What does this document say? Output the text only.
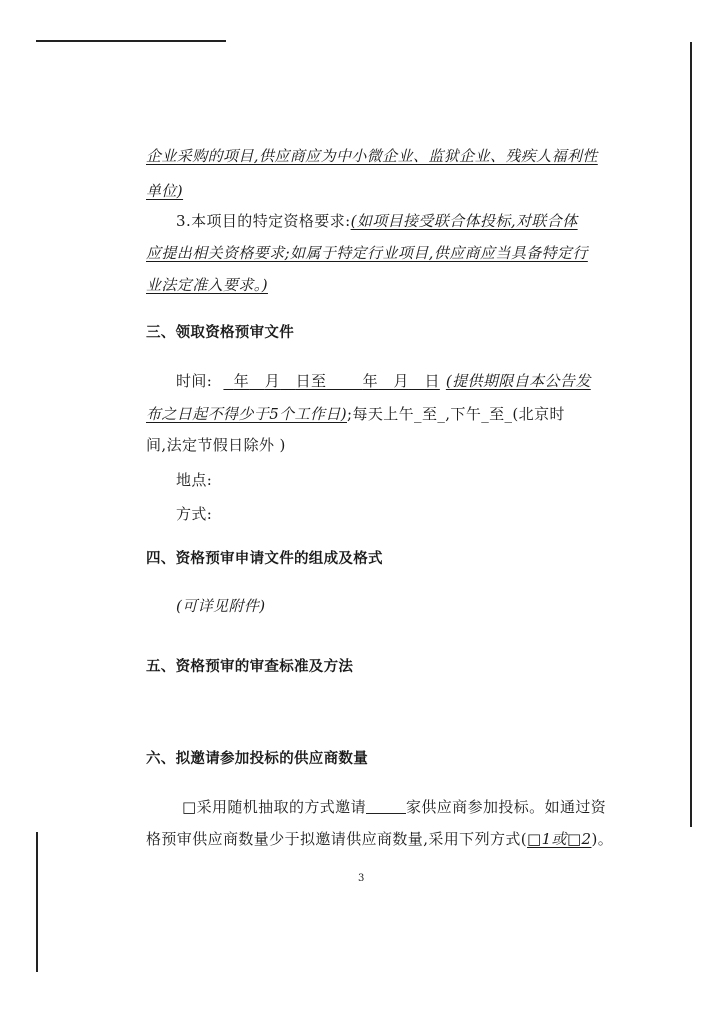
企业采购的项目,供应商应为中小微企业、监狱企业、残疾人福利性
单位)
3.本项目的特定资格要求:(如项目接受联合体投标,对联合体
应提出相关资格要求;如属于特定行业项目,供应商应当具备特定行
业法定准入要求。)
三、领取资格预审文件
时间: 年 月 日至 年 月 日 (提供期限自本公告发
布之日起不得少于5个工作日);每天上午_至_,下午_至_(北京时
间,法定节假日除外 )
地点:
方式:
四、资格预审申请文件的组成及格式
(可详见附件)
五、资格预审的审查标准及方法
六、拟邀请参加投标的供应商数量
□采用随机抽取的方式邀请	家供应商参加投标。如通过资
格预审供应商数量少于拟邀请供应商数量,采用下列方式(□1或□2)。
3
